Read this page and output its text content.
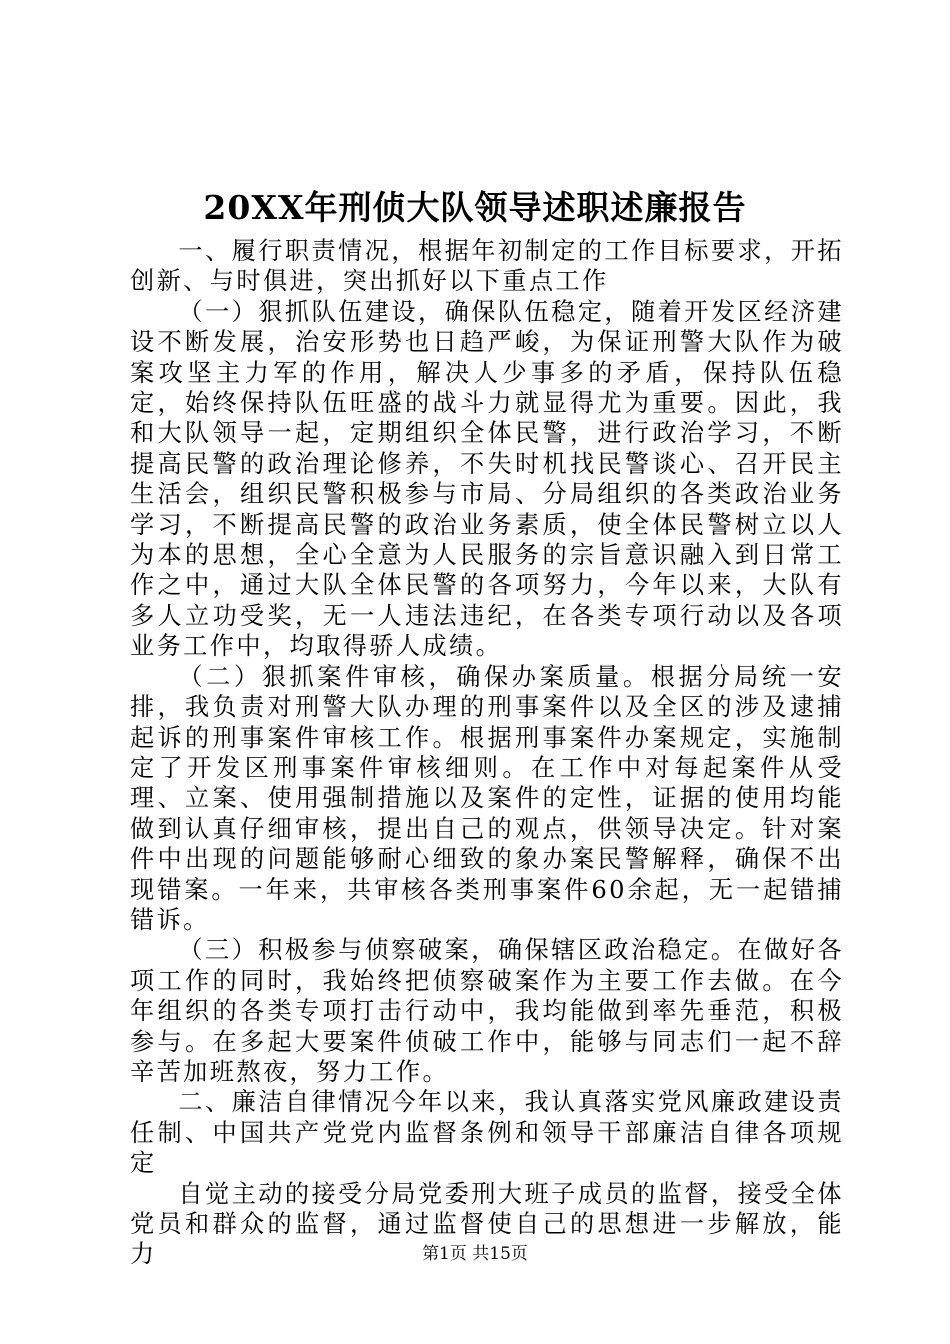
20XX年刑侦大队领导述职述廉报告

一、履行职责情况，根据年初制定的工作目标要求，开拓创新、与时俱进，突出抓好以下重点工作

（一）狠抓队伍建设，确保队伍稳定，随着开发区经济建设不断发展，治安形势也日趋严峻，为保证刑警大队作为破案攻坚主力军的作用，解决人少事多的矛盾，保持队伍稳定，始终保持队伍旺盛的战斗力就显得尤为重要。因此，我和大队领导一起，定期组织全体民警，进行政治学习，不断提高民警的政治理论修养，不失时机找民警谈心、召开民主生活会，组织民警积极参与市局、分局组织的各类政治业务学习，不断提高民警的政治业务素质，使全体民警树立以人为本的思想，全心全意为人民服务的宗旨意识融入到日常工作之中，通过大队全体民警的各项努力，今年以来，大队有多人立功受奖，无一人违法违纪，在各类专项行动以及各项业务工作中，均取得骄人成绩。

（二）狠抓案件审核，确保办案质量。根据分局统一安排，我负责对刑警大队办理的刑事案件以及全区的涉及逮捕起诉的刑事案件审核工作。根据刑事案件办案规定，实施制定了开发区刑事案件审核细则。在工作中对每起案件从受理、立案、使用强制措施以及案件的定性，证据的使用均能做到认真仔细审核，提出自己的观点，供领导决定。针对案件中出现的问题能够耐心细致的象办案民警解释，确保不出现错案。一年来，共审核各类刑事案件60余起，无一起错捕错诉。

（三）积极参与侦察破案，确保辖区政治稳定。在做好各项工作的同时，我始终把侦察破案作为主要工作去做。在今年组织的各类专项打击行动中，我均能做到率先垂范，积极参与。在多起大要案件侦破工作中，能够与同志们一起不辞辛苦加班熬夜，努力工作。

二、廉洁自律情况今年以来，我认真落实党风廉政建设责任制、中国共产党党内监督条例和领导干部廉洁自律各项规定

自觉主动的接受分局党委刑大班子成员的监督，接受全体党员和群众的监督，通过监督使自己的思想进一步解放，能力	第1页 共15页
